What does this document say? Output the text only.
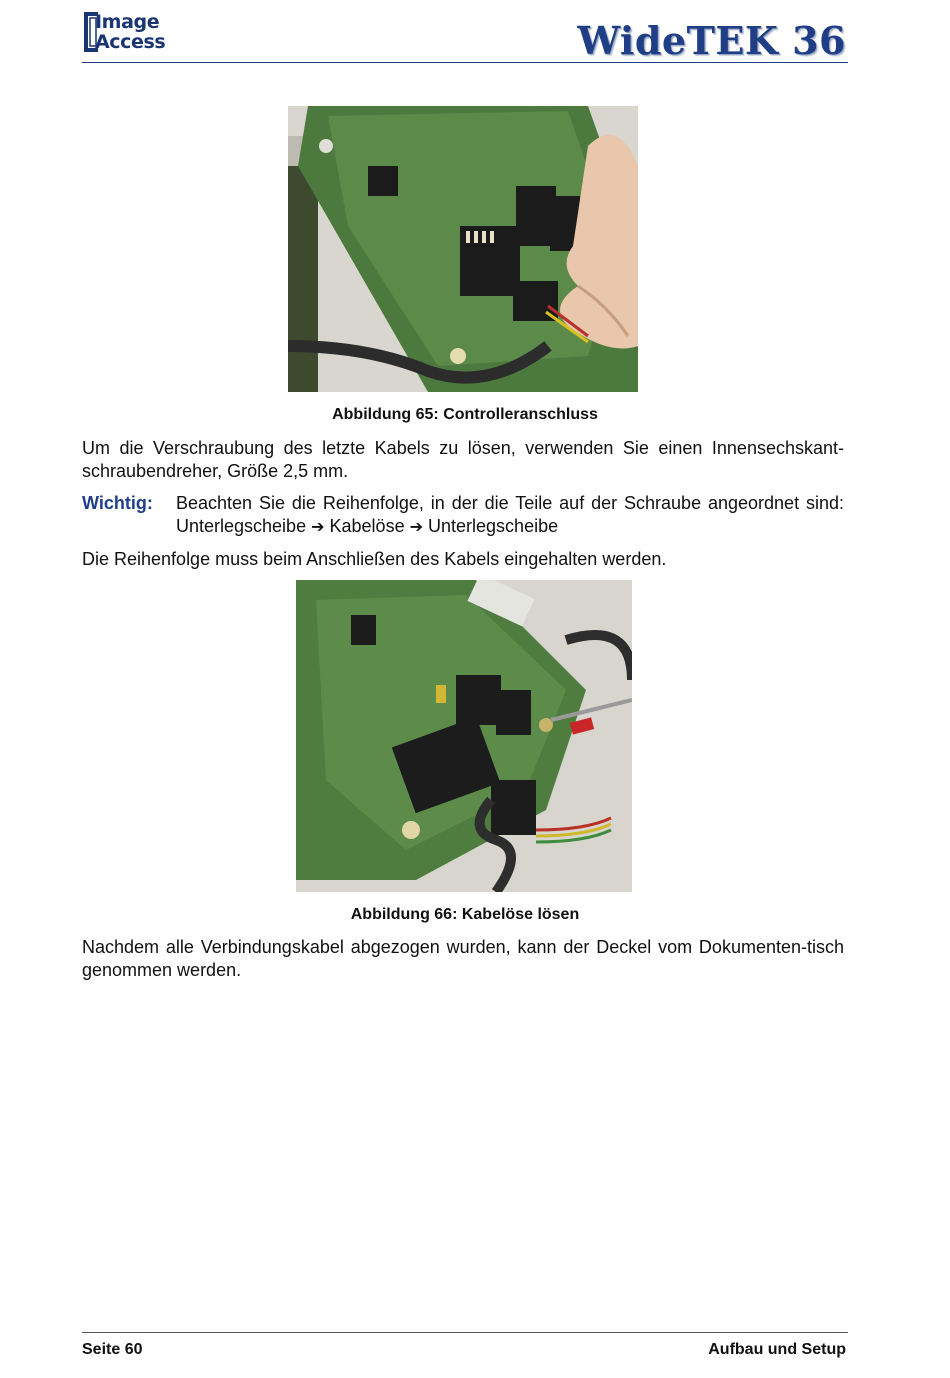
Image
Access	WideTEK 36
Abbildung 65: Controlleranschluss

Um die Verschraubung des letzte Kabels zu lösen, verwenden Sie einen Innensechskant-schraubendreher, Größe 2,5 mm.

Wichtig: Beachten Sie die Reihenfolge, in der die Teile auf der Schraube angeordnet sind: Unterlegscheibe ➔ Kabelöse ➔ Unterlegscheibe

Die Reihenfolge muss beim Anschließen des Kabels eingehalten werden.

Abbildung 66: Kabelöse lösen

Nachdem alle Verbindungskabel abgezogen wurden, kann der Deckel vom Dokumenten-tisch genommen werden.

Seite 60	Aufbau und Setup
